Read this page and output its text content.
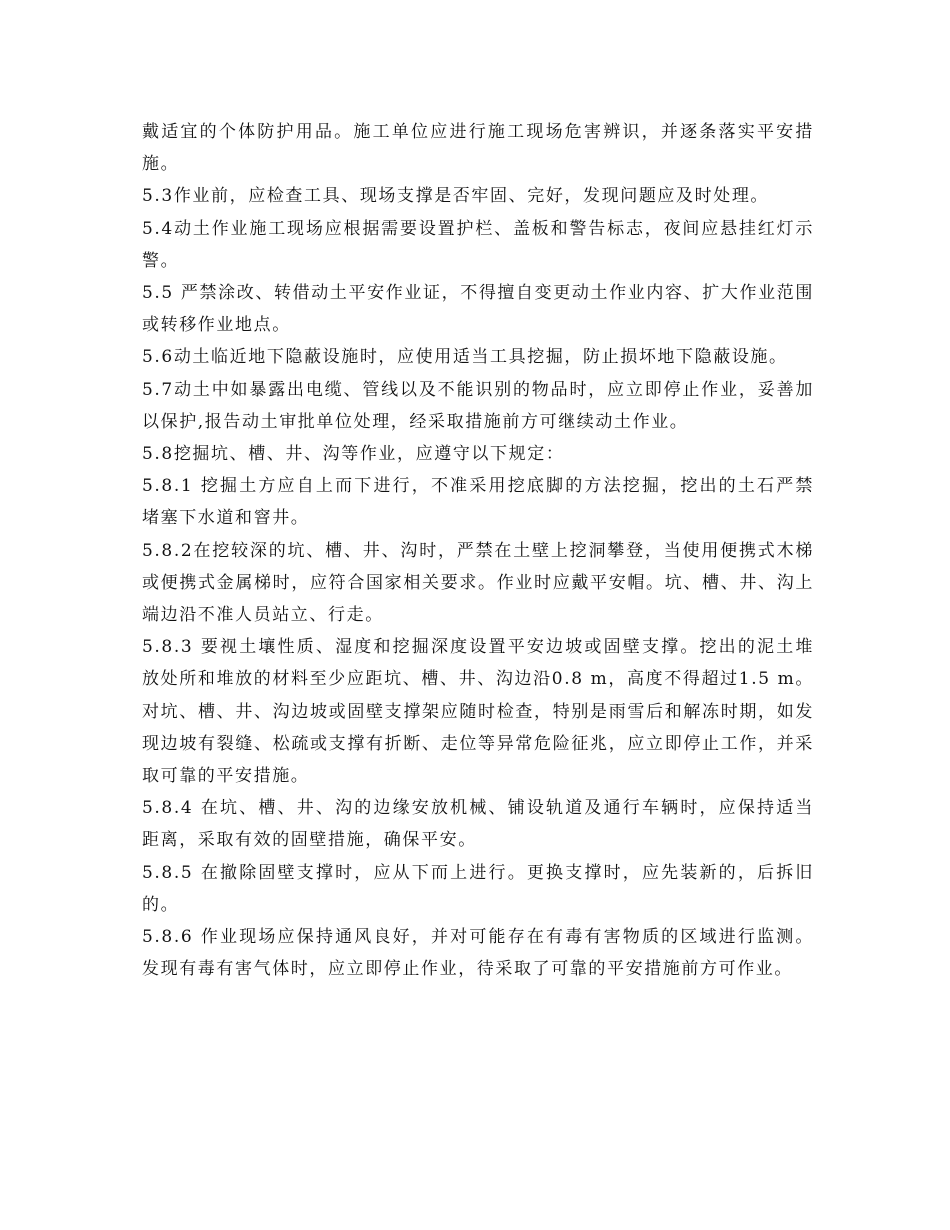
戴适宜的个体防护用品。施工单位应进行施工现场危害辨识，并逐条落实平安措施。

5.3作业前，应检查工具、现场支撑是否牢固、完好，发现问题应及时处理。

5.4动土作业施工现场应根据需要设置护栏、盖板和警告标志，夜间应悬挂红灯示警。

5.5 严禁涂改、转借动土平安作业证，不得擅自变更动土作业内容、扩大作业范围或转移作业地点。

5.6动土临近地下隐蔽设施时，应使用适当工具挖掘，防止损坏地下隐蔽设施。

5.7动土中如暴露出电缆、管线以及不能识别的物品时，应立即停止作业，妥善加以保护,报告动土审批单位处理，经采取措施前方可继续动土作业。

5.8挖掘坑、槽、井、沟等作业，应遵守以下规定：

5.8.1 挖掘土方应自上而下进行，不准采用挖底脚的方法挖掘，挖出的土石严禁堵塞下水道和窨井。

5.8.2在挖较深的坑、槽、井、沟时，严禁在土壁上挖洞攀登，当使用便携式木梯或便携式金属梯时，应符合国家相关要求。作业时应戴平安帽。坑、槽、井、沟上端边沿不准人员站立、行走。

5.8.3 要视土壤性质、湿度和挖掘深度设置平安边坡或固壁支撑。挖出的泥土堆放处所和堆放的材料至少应距坑、槽、井、沟边沿0.8 m，高度不得超过1.5 m。对坑、槽、井、沟边坡或固壁支撑架应随时检查，特别是雨雪后和解冻时期，如发现边坡有裂缝、松疏或支撑有折断、走位等异常危险征兆，应立即停止工作，并采取可靠的平安措施。

5.8.4 在坑、槽、井、沟的边缘安放机械、铺设轨道及通行车辆时，应保持适当距离，采取有效的固壁措施，确保平安。

5.8.5 在撤除固壁支撑时，应从下而上进行。更换支撑时，应先装新的，后拆旧的。

5.8.6 作业现场应保持通风良好，并对可能存在有毒有害物质的区域进行监测。发现有毒有害气体时，应立即停止作业，待采取了可靠的平安措施前方可作业。
